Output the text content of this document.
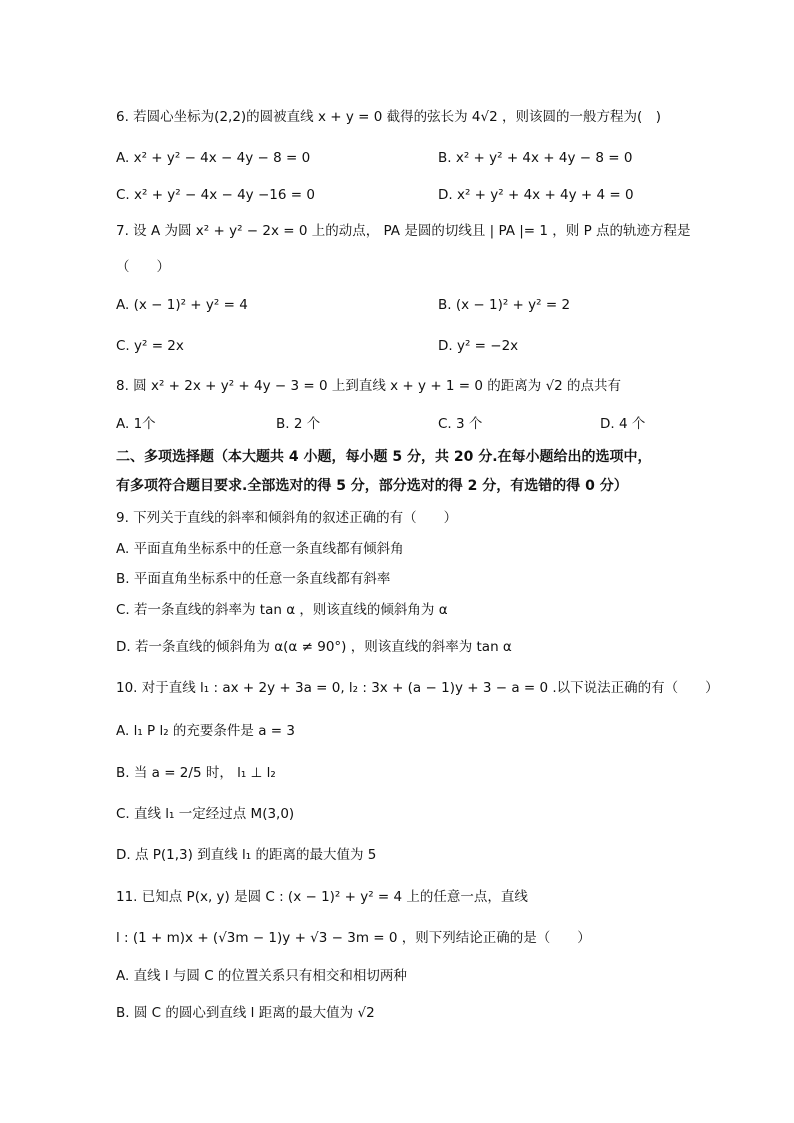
6. 若圆心坐标为(2,2)的圆被直线 x + y = 0 截得的弦长为 4√2 ，则该圆的一般方程为(　)
A. x² + y² − 4x − 4y − 8 = 0	B. x² + y² + 4x + 4y − 8 = 0
C. x² + y² − 4x − 4y −16 = 0	D. x² + y² + 4x + 4y + 4 = 0
7. 设 A 为圆 x² + y² − 2x = 0 上的动点， PA 是圆的切线且 | PA |= 1 ，则 P 点的轨迹方程是
（　　）
A. (x − 1)² + y² = 4	B. (x − 1)² + y² = 2
C. y² = 2x	D. y² = −2x
8. 圆 x² + 2x + y² + 4y − 3 = 0 上到直线 x + y + 1 = 0 的距离为 √2 的点共有
A. 1个	B. 2 个	C. 3 个	D. 4 个
二、多项选择题（本大题共 4 小题，每小题 5 分，共 20 分.在每小题给出的选项中，
有多项符合题目要求.全部选对的得 5 分，部分选对的得 2 分，有选错的得 0 分）
9. 下列关于直线的斜率和倾斜角的叙述正确的有（　　）
A. 平面直角坐标系中的任意一条直线都有倾斜角
B. 平面直角坐标系中的任意一条直线都有斜率
C. 若一条直线的斜率为 tan α ，则该直线的倾斜角为 α
D. 若一条直线的倾斜角为 α(α ≠ 90°) ，则该直线的斜率为 tan α
10. 对于直线 l₁ : ax + 2y + 3a = 0, l₂ : 3x + (a − 1)y + 3 − a = 0 .以下说法正确的有（　　）
A. l₁ P l₂ 的充要条件是 a = 3
B. 当 a = 2/5 时， l₁ ⊥ l₂
C. 直线 l₁ 一定经过点 M(3,0)
D. 点 P(1,3) 到直线 l₁ 的距离的最大值为 5
11. 已知点 P(x, y) 是圆 C : (x − 1)² + y² = 4 上的任意一点，直线
l : (1 + m)x + (√3m − 1)y + √3 − 3m = 0 ，则下列结论正确的是（　　）
A. 直线 l 与圆 C 的位置关系只有相交和相切两种
B. 圆 C 的圆心到直线 l 距离的最大值为 √2
